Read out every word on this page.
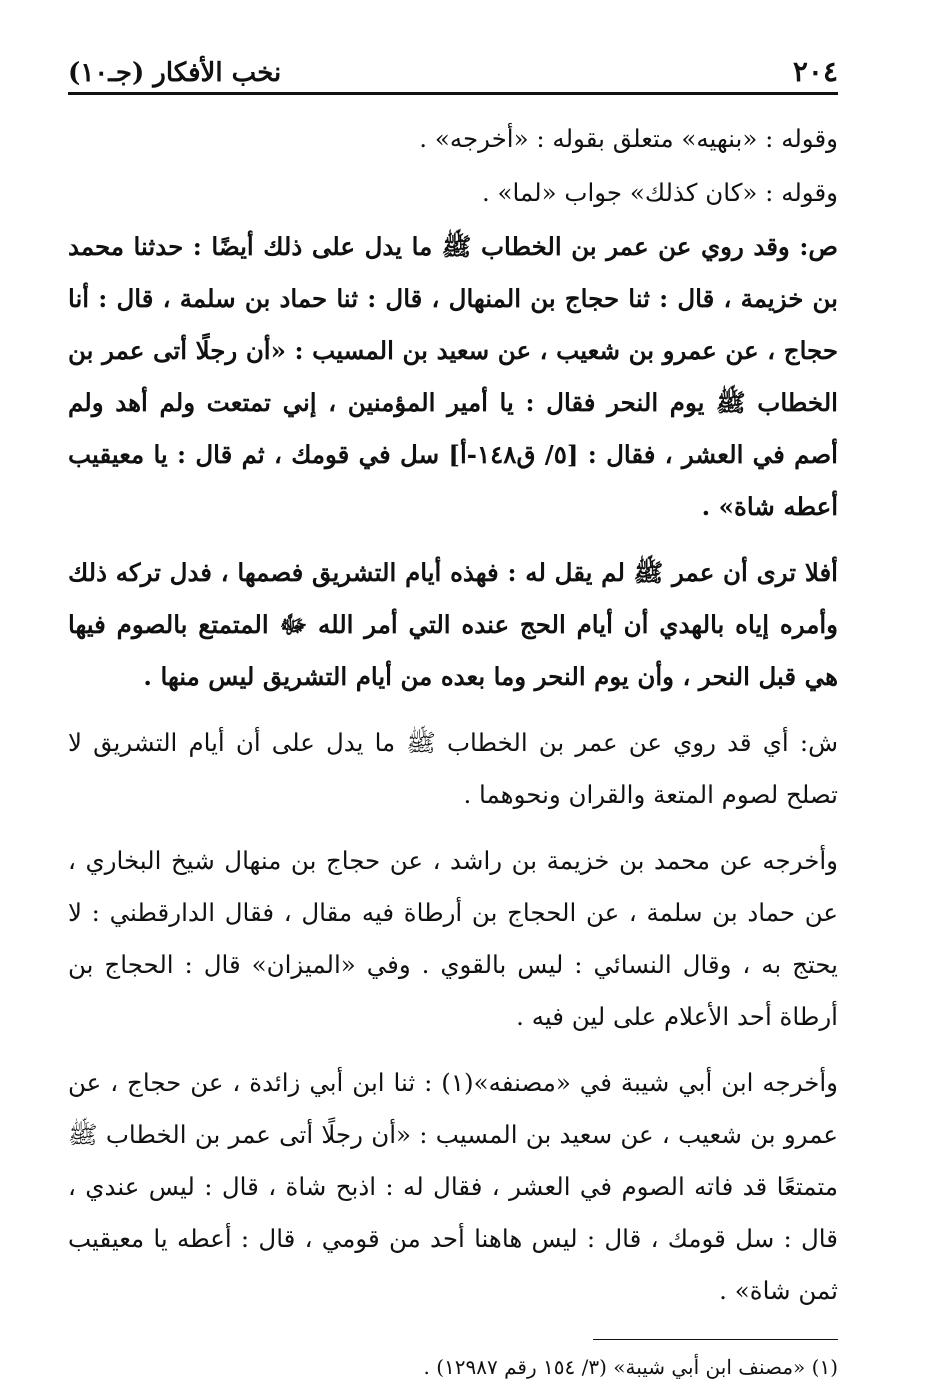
٢٠٤
نخب الأفكار (جـ١٠)

وقوله : «بنهيه» متعلق بقوله : «أخرجه» .

وقوله : «كان كذلك» جواب «لما» .

ص: وقد روي عن عمر بن الخطاب ﷺ ما يدل على ذلك أيضًا : حدثنا محمد بن خزيمة ، قال : ثنا حجاج بن المنهال ، قال : ثنا حماد بن سلمة ، قال : أنا حجاج ، عن عمرو بن شعيب ، عن سعيد بن المسيب : «أن رجلًا أتى عمر بن الخطاب ﷺ يوم النحر فقال : يا أمير المؤمنين ، إني تمتعت ولم أهد ولم أصم في العشر ، فقال : [٥/ ق١٤٨-أ] سل في قومك ، ثم قال : يا معيقيب أعطه شاة» .

أفلا ترى أن عمر ﷺ لم يقل له : فهذه أيام التشريق فصمها ، فدل تركه ذلك وأمره إياه بالهدي أن أيام الحج عنده التي أمر الله ﷻ المتمتع بالصوم فيها هي قبل النحر ، وأن يوم النحر وما بعده من أيام التشريق ليس منها .

ش: أي قد روي عن عمر بن الخطاب ﷺ ما يدل على أن أيام التشريق لا تصلح لصوم المتعة والقران ونحوهما .

وأخرجه عن محمد بن خزيمة بن راشد ، عن حجاج بن منهال شيخ البخاري ، عن حماد بن سلمة ، عن الحجاج بن أرطاة فيه مقال ، فقال الدارقطني : لا يحتج به ، وقال النسائي : ليس بالقوي . وفي «الميزان» قال : الحجاج بن أرطاة أحد الأعلام على لين فيه .

وأخرجه ابن أبي شيبة في «مصنفه»(١) : ثنا ابن أبي زائدة ، عن حجاج ، عن عمرو بن شعيب ، عن سعيد بن المسيب : «أن رجلًا أتى عمر بن الخطاب ﷺ متمتعًا قد فاته الصوم في العشر ، فقال له : اذبح شاة ، قال : ليس عندي ، قال : سل قومك ، قال : ليس هاهنا أحد من قومي ، قال : أعطه يا معيقيب ثمن شاة» .

(١) «مصنف ابن أبي شيبة» (٣/ ١٥٤ رقم ١٢٩٨٧) .
